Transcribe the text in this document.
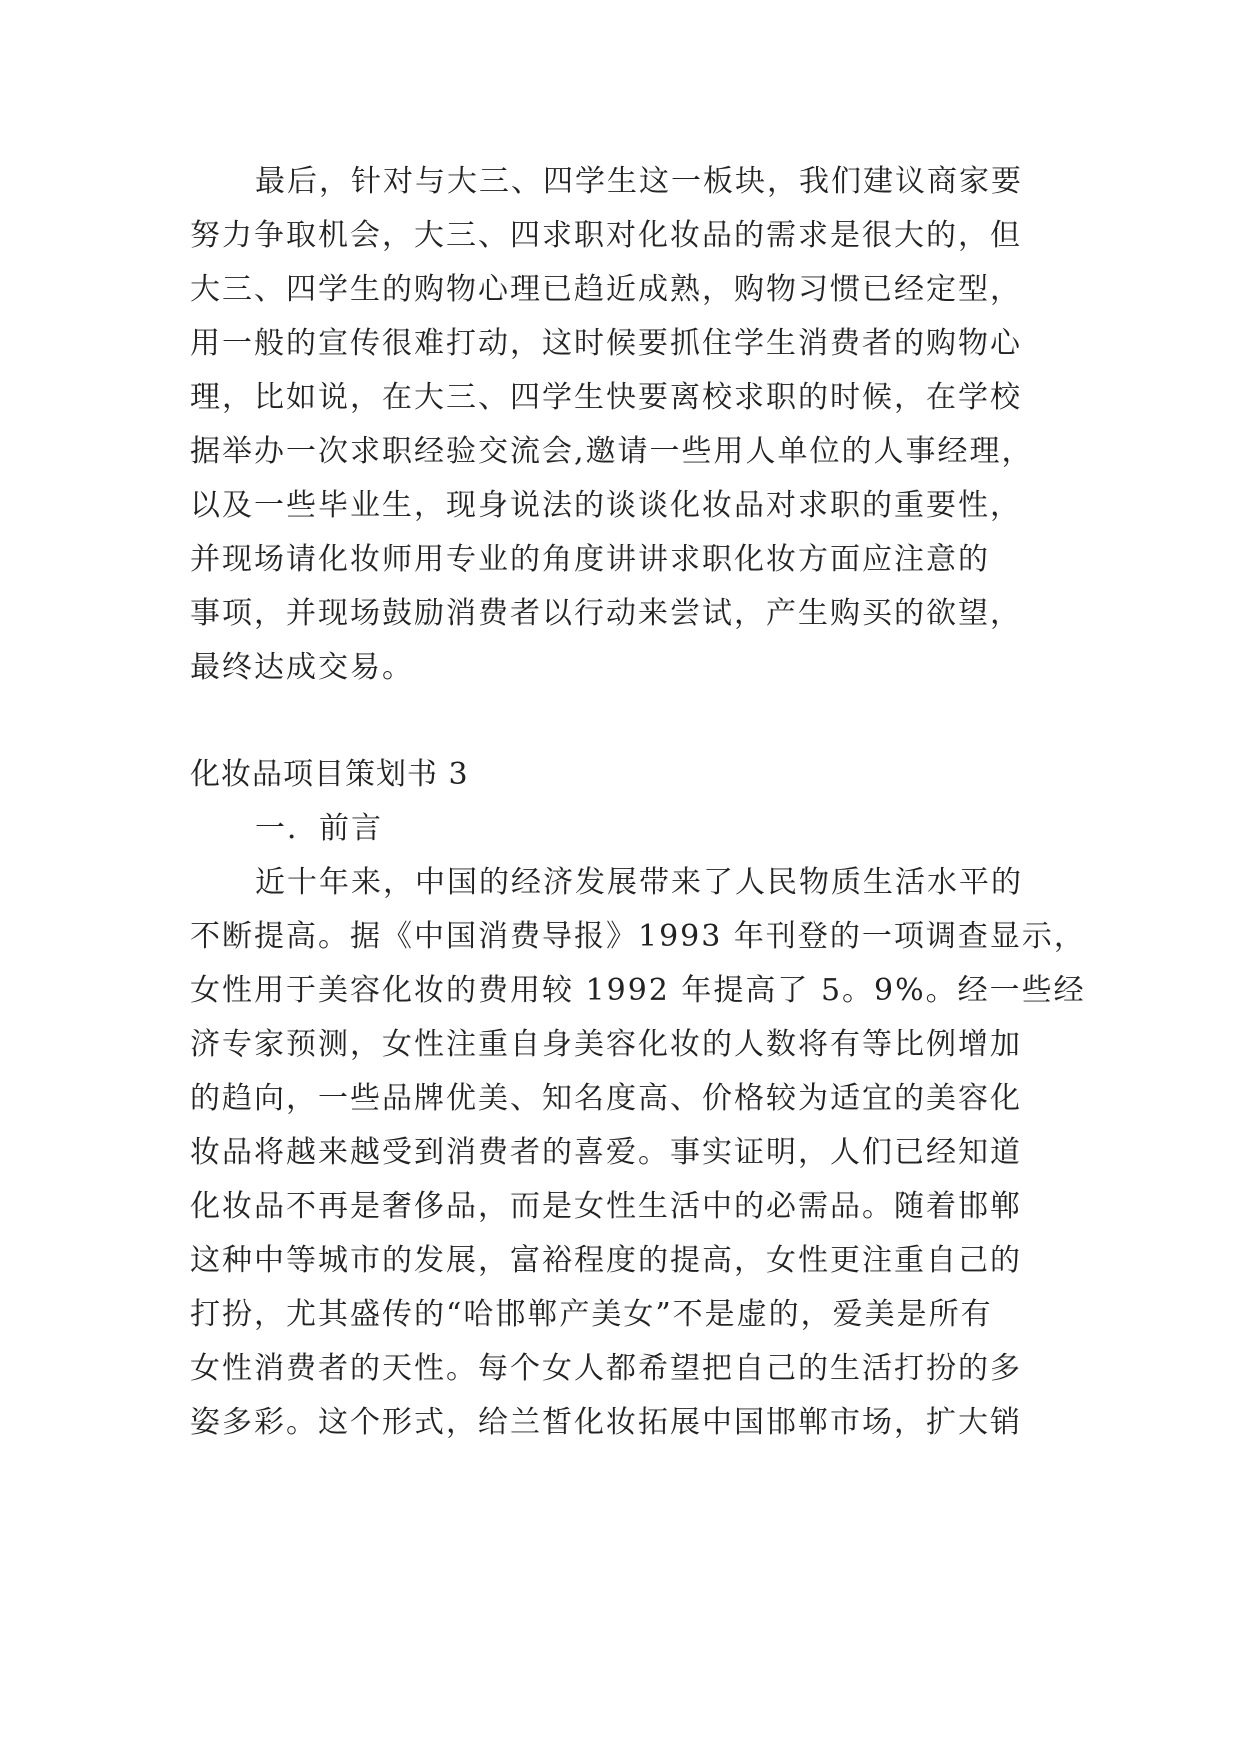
最后，针对与大三、四学生这一板块，我们建议商家要
努力争取机会，大三、四求职对化妆品的需求是很大的，但
大三、四学生的购物心理已趋近成熟，购物习惯已经定型，
用一般的宣传很难打动，这时候要抓住学生消费者的购物心
理，比如说，在大三、四学生快要离校求职的时候，在学校
据举办一次求职经验交流会,邀请一些用人单位的人事经理，
以及一些毕业生，现身说法的谈谈化妆品对求职的重要性，
并现场请化妆师用专业的角度讲讲求职化妆方面应注意的
事项，并现场鼓励消费者以行动来尝试，产生购买的欲望，
最终达成交易。
化妆品项目策划书 3
一．前言
近十年来，中国的经济发展带来了人民物质生活水平的
不断提高。据《中国消费导报》1993 年刊登的一项调查显示，
女性用于美容化妆的费用较 1992 年提高了 5。9%。经一些经
济专家预测，女性注重自身美容化妆的人数将有等比例增加
的趋向，一些品牌优美、知名度高、价格较为适宜的美容化
妆品将越来越受到消费者的喜爱。事实证明，人们已经知道
化妆品不再是奢侈品，而是女性生活中的必需品。随着邯郸
这种中等城市的发展，富裕程度的提高，女性更注重自己的
打扮，尤其盛传的“哈邯郸产美女”不是虚的，爱美是所有
女性消费者的天性。每个女人都希望把自己的生活打扮的多
姿多彩。这个形式，给兰皙化妆拓展中国邯郸市场，扩大销
